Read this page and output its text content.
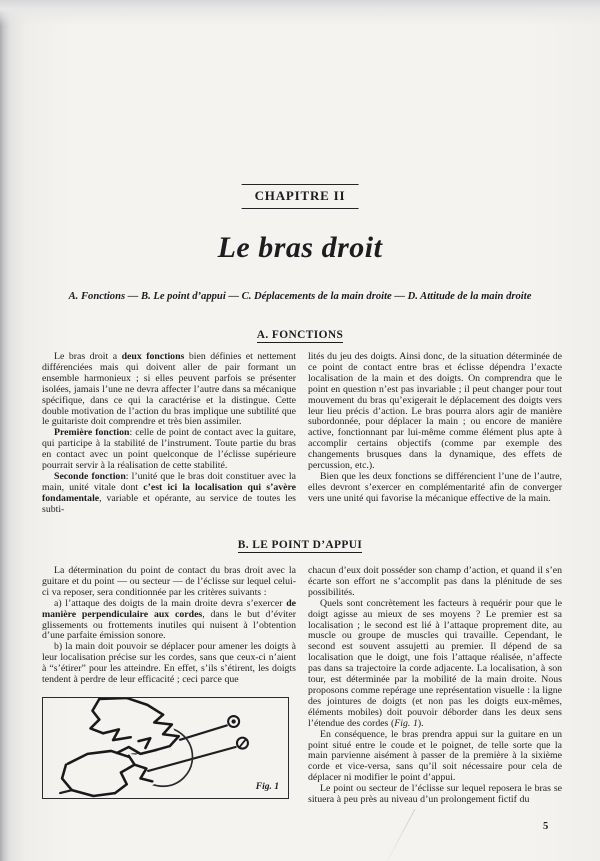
CHAPITRE II
Le bras droit
A. Fonctions — B. Le point d’appui — C. Déplacements de la main droite — D. Attitude de la main droite
A. FONCTIONS

Le bras droit a deux fonctions bien définies et nettement différenciées mais qui doivent aller de pair formant un ensemble harmonieux ; si elles peuvent parfois se présenter isolées, jamais l’une ne devra affecter l’autre dans sa mécanique spécifique, dans ce qui la caractérise et la distingue. Cette double motivation de l’action du bras implique une subtilité que le guitariste doit comprendre et très bien assimiler.

Première fonction: celle de point de contact avec la guitare, qui participe à la stabilité de l’instrument. Toute partie du bras en contact avec un point quelconque de l’éclisse supérieure pourrait servir à la réalisation de cette stabilité.

Seconde fonction: l’unité que le bras doit constituer avec la main, unité vitale dont c’est ici la localisation qui s’avère fondamentale, variable et opérante, au service de toutes les subti-

lités du jeu des doigts. Ainsi donc, de la situation déterminée de ce point de contact entre bras et éclisse dépendra l’exacte localisation de la main et des doigts. On comprendra que le point en question n’est pas invariable ; il peut changer pour tout mouvement du bras qu’exigerait le déplacement des doigts vers leur lieu précis d’action. Le bras pourra alors agir de manière subordonnée, pour déplacer la main ; ou encore de manière active, fonctionnant par lui-même comme élément plus apte à accomplir certains objectifs (comme par exemple des changements brusques dans la dynamique, des effets de percussion, etc.).

Bien que les deux fonctions se différencient l’une de l’autre, elles devront s’exercer en complémentarité afin de converger vers une unité qui favorise la mécanique effective de la main.

B. LE POINT D’APPUI

La détermination du point de contact du bras droit avec la guitare et du point — ou secteur — de l’éclisse sur lequel celui-ci va reposer, sera conditionnée par les critères suivants :

a) l’attaque des doigts de la main droite devra s’exercer de manière perpendiculaire aux cordes, dans le but d’éviter glissements ou frottements inutiles qui nuisent à l’obtention d’une parfaite émission sonore.

b) la main doit pouvoir se déplacer pour amener les doigts à leur localisation précise sur les cordes, sans que ceux-ci n’aient à “s’étirer” pour les atteindre. En effet, s’ils s’étirent, les doigts tendent à perdre de leur efficacité ; ceci parce que

chacun d’eux doit posséder son champ d’action, et quand il s’en écarte son effort ne s’accomplit pas dans la plénitude de ses possibilités.

Quels sont concrètement les facteurs à requérir pour que le doigt agisse au mieux de ses moyens ? Le premier est sa localisation ; le second est lié à l’attaque proprement dite, au muscle ou groupe de muscles qui travaille. Cependant, le second est souvent assujetti au premier. Il dépend de sa localisation que le doigt, une fois l’attaque réalisée, n’affecte pas dans sa trajectoire la corde adjacente. La localisation, à son tour, est déterminée par la mobilité de la main droite. Nous proposons comme repérage une représentation visuelle : la ligne des jointures de doigts (et non pas les doigts eux-mêmes, éléments mobiles) doit pouvoir déborder dans les deux sens l’étendue des cordes (Fig. 1).

En conséquence, le bras prendra appui sur la guitare en un point situé entre le coude et le poignet, de telle sorte que la main parvienne aisément à passer de la première à la sixième corde et vice-versa, sans qu’il soit nécessaire pour cela de déplacer ni modifier le point d’appui.

Le point ou secteur de l’éclisse sur lequel reposera le bras se situera à peu près au niveau d’un prolongement fictif du

Fig. 1
5
